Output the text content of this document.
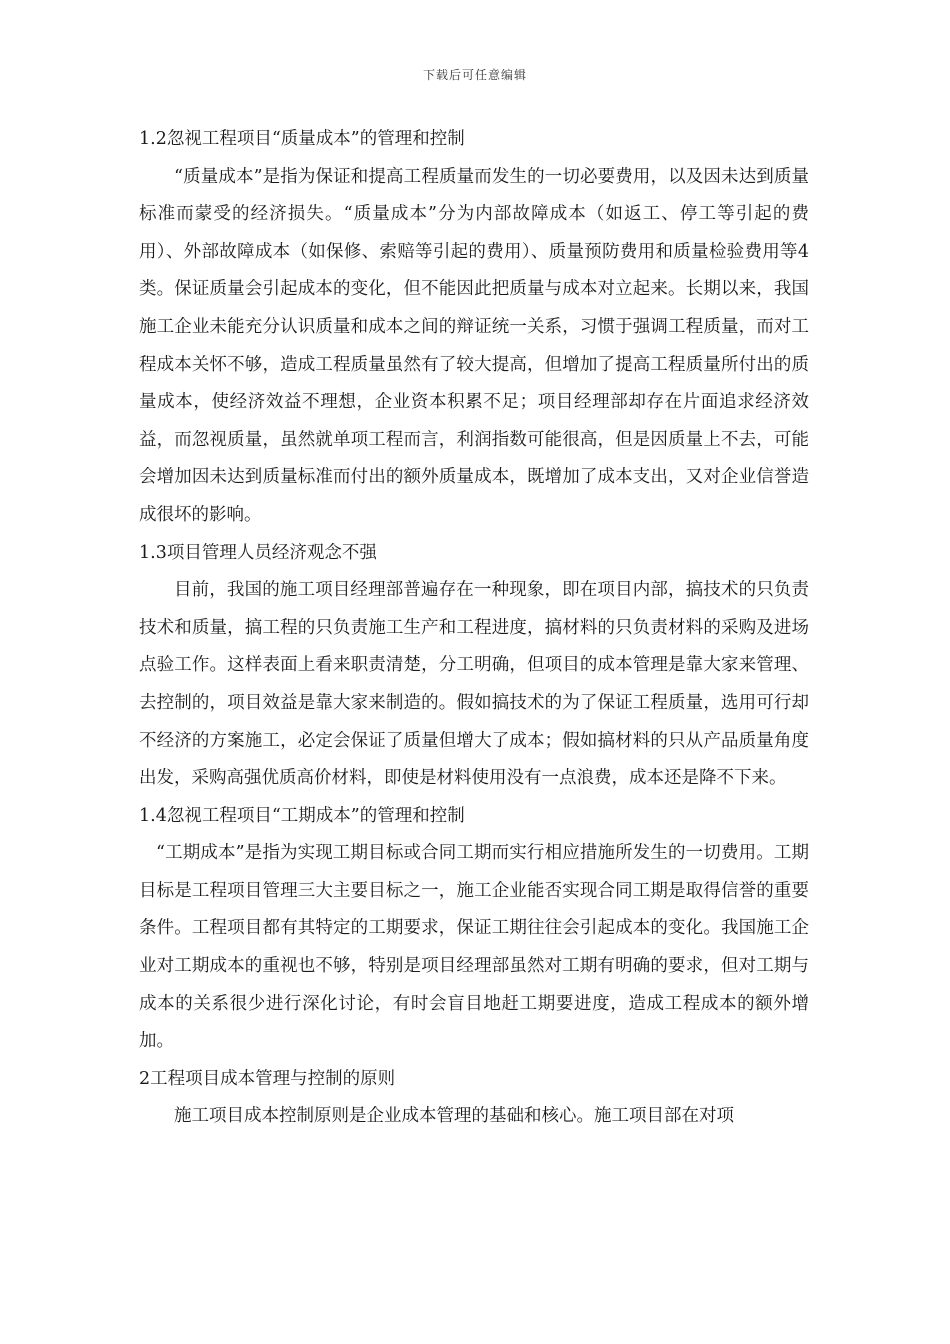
下载后可任意编辑

1.2忽视工程项目“质量成本”的管理和控制

“质量成本”是指为保证和提高工程质量而发生的一切必要费用，以及因未达到质量标准而蒙受的经济损失。“质量成本”分为内部故障成本（如返工、停工等引起的费用）、外部故障成本（如保修、索赔等引起的费用）、质量预防费用和质量检验费用等4类。保证质量会引起成本的变化，但不能因此把质量与成本对立起来。长期以来，我国施工企业未能充分认识质量和成本之间的辩证统一关系，习惯于强调工程质量，而对工程成本关怀不够，造成工程质量虽然有了较大提高，但增加了提高工程质量所付出的质量成本，使经济效益不理想，企业资本积累不足；项目经理部却存在片面追求经济效益，而忽视质量，虽然就单项工程而言，利润指数可能很高，但是因质量上不去，可能会增加因未达到质量标准而付出的额外质量成本，既增加了成本支出，又对企业信誉造成很坏的影响。

1.3项目管理人员经济观念不强

目前，我国的施工项目经理部普遍存在一种现象，即在项目内部，搞技术的只负责技术和质量，搞工程的只负责施工生产和工程进度，搞材料的只负责材料的采购及进场点验工作。这样表面上看来职责清楚，分工明确，但项目的成本管理是靠大家来管理、去控制的，项目效益是靠大家来制造的。假如搞技术的为了保证工程质量，选用可行却不经济的方案施工，必定会保证了质量但增大了成本；假如搞材料的只从产品质量角度出发，采购高强优质高价材料，即使是材料使用没有一点浪费，成本还是降不下来。

1.4忽视工程项目“工期成本”的管理和控制

“工期成本”是指为实现工期目标或合同工期而实行相应措施所发生的一切费用。工期目标是工程项目管理三大主要目标之一，施工企业能否实现合同工期是取得信誉的重要条件。工程项目都有其特定的工期要求，保证工期往往会引起成本的变化。我国施工企业对工期成本的重视也不够，特别是项目经理部虽然对工期有明确的要求，但对工期与成本的关系很少进行深化讨论，有时会盲目地赶工期要进度，造成工程成本的额外增加。

2工程项目成本管理与控制的原则

施工项目成本控制原则是企业成本管理的基础和核心。施工项目部在对项
